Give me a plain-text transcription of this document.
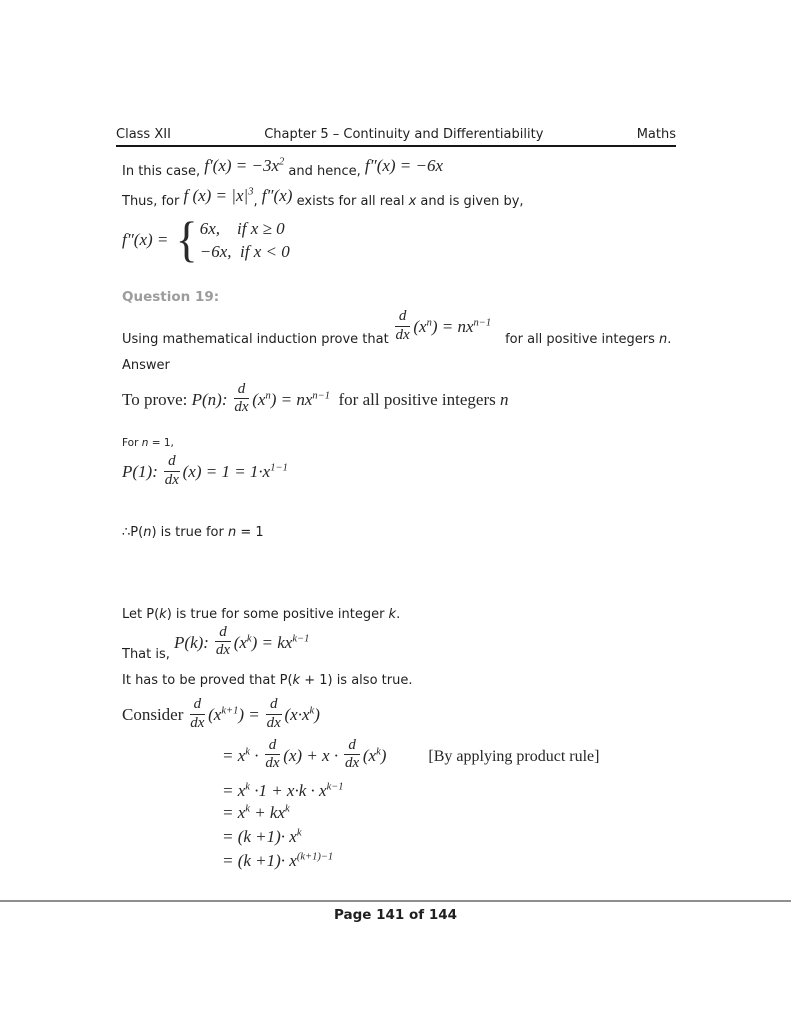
Class XII	Chapter 5 – Continuity and Differentiability	Maths
In this case, $f'(x) = -3x^2$
and hence, f″(x) = −6x
Thus, for f $(x) = |x|^3$
, f″(x) exists for all real x and is given by,
f″(x) = { 6x,    if x ≥ 0
−6x,  if x < 0
Question 19:
Using mathematical induction prove that $\frac{d}{dx} (x^n) = nx^{n-1}$
for all positive integers n.
Answer
To prove: P(n): $\frac{d}{dx} (x^n) = nx^{n-1}$  for all positive integers n
For n = 1,
P(1): $\frac{d}{dx} (x) = 1 = 1\cdot x^{1-1}$
∴P(n) is true for n = 1
Let P(k) is true for some positive integer k.
That is,
P(k): $\frac{d}{dx} (x^k) = kx^{k-1}$
It has to be proved that P(k + 1) is also true.
Consider $\frac{d}{dx} (x^{k+1}) = \frac{d}{dx} (x\cdot x^k)$
= $x^k \cdot \frac{d}{dx} (x) + x \cdot \frac{d}{dx} (x^k)$	[By applying product rule]
= $x^k \cdot 1 + x\cdot k \cdot x^{k-1}$
= $x^k + kx^k$
= $(k +1)\cdot x^k$
= $(k +1)\cdot x^{(k+1)-1}$
Page 141 of 144
